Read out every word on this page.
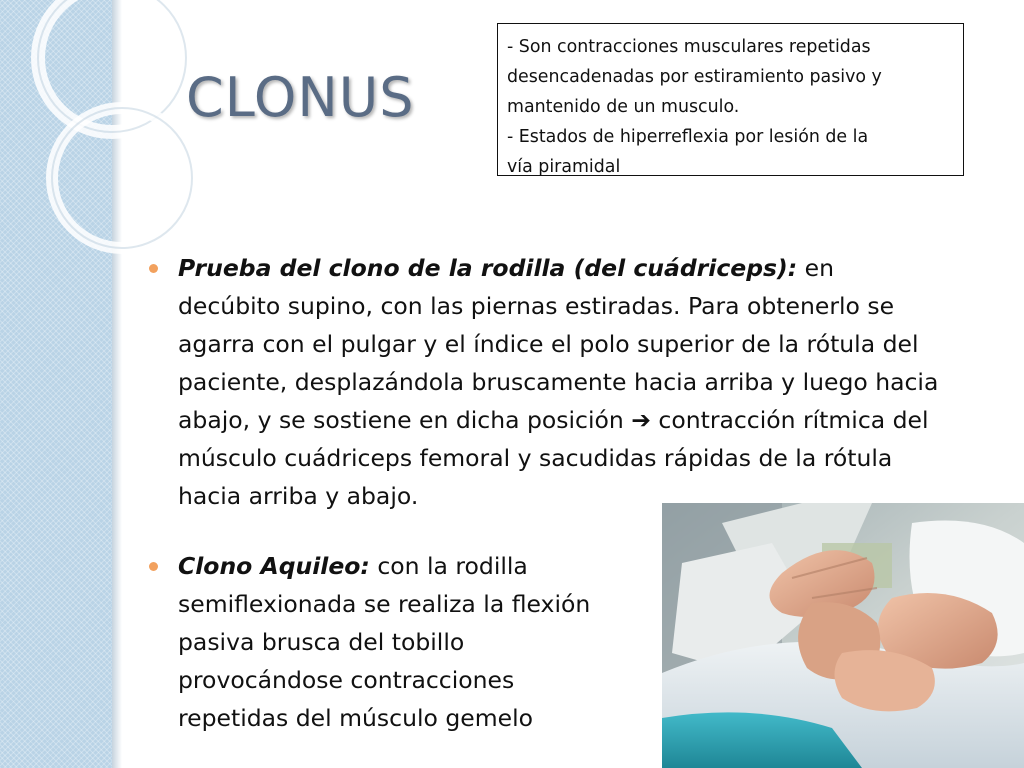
CLONUS
- Son contracciones musculares repetidas
desencadenadas por estiramiento pasivo y
mantenido de un musculo.
- Estados de hiperreflexia por lesión de la
vía piramidal
Prueba del clono de la rodilla (del cuádriceps): en
decúbito supino, con las piernas estiradas. Para obtenerlo se
agarra con el pulgar y el índice el polo superior de la rótula del
paciente, desplazándola bruscamente hacia arriba y luego hacia
abajo, y se sostiene en dicha posición ➔ contracción rítmica del
músculo cuádriceps femoral y sacudidas rápidas de la rótula
hacia arriba y abajo.
Clono Aquileo: con la rodilla
semiflexionada se realiza la flexión
pasiva brusca del tobillo
provocándose contracciones
repetidas del músculo gemelo
